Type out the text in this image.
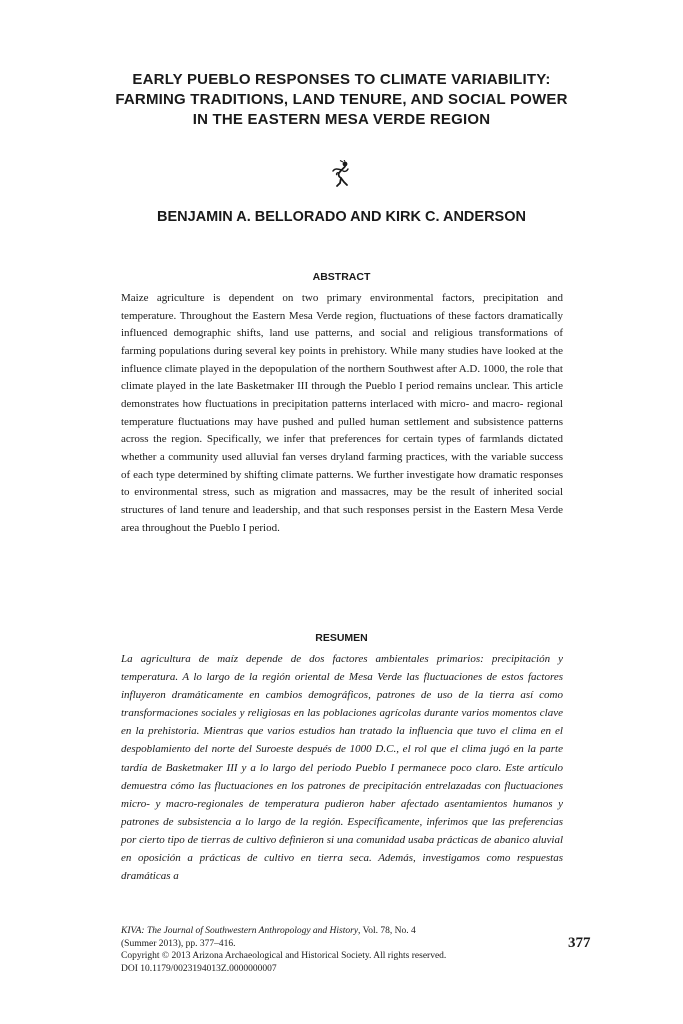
EARLY PUEBLO RESPONSES TO CLIMATE VARIABILITY:
FARMING TRADITIONS, LAND TENURE, AND SOCIAL POWER
IN THE EASTERN MESA VERDE REGION
BENJAMIN A. BELLORADO AND KIRK C. ANDERSON
ABSTRACT

Maize agriculture is dependent on two primary environmental factors, precipitation and temperature. Throughout the Eastern Mesa Verde region, fluctuations of these factors dramatically influenced demographic shifts, land use patterns, and social and religious transformations of farming populations during several key points in prehistory. While many studies have looked at the influence climate played in the depopulation of the northern Southwest after A.D. 1000, the role that climate played in the late Basketmaker III through the Pueblo I period remains unclear. This article demonstrates how fluctuations in precipitation patterns interlaced with micro- and macro- regional temperature fluctuations may have pushed and pulled human settlement and subsistence patterns across the region. Specifically, we infer that preferences for certain types of farmlands dictated whether a community used alluvial fan verses dryland farming practices, with the variable success of each type determined by shifting climate patterns. We further investigate how dramatic responses to environmental stress, such as migration and massacres, may be the result of inherited social structures of land tenure and leadership, and that such responses persist in the Eastern Mesa Verde area throughout the Pueblo I period.

RESUMEN

La agricultura de maíz depende de dos factores ambientales primarios: precipitación y temperatura. A lo largo de la región oriental de Mesa Verde las fluctuaciones de estos factores influyeron dramáticamente en cambios demográficos, patrones de uso de la tierra así como transformaciones sociales y religiosas en las poblaciones agrícolas durante varios momentos clave en la prehistoria. Mientras que varios estudios han tratado la influencia que tuvo el clima en el despoblamiento del norte del Suroeste después de 1000 D.C., el rol que el clima jugó en la parte tardía de Basketmaker III y a lo largo del periodo Pueblo I permanece poco claro. Este artículo demuestra cómo las fluctuaciones en los patrones de precipitación entrelazadas con fluctuaciones micro- y macro-regionales de temperatura pudieron haber afectado asentamientos humanos y patrones de subsistencia a lo largo de la región. Específicamente, inferimos que las preferencias por cierto tipo de tierras de cultivo definieron si una comunidad usaba prácticas de abanico aluvial en oposición a prácticas de cultivo en tierra seca. Además, investigamos como respuestas dramáticas a

KIVA: The Journal of Southwestern Anthropology and History, Vol. 78, No. 4 (Summer 2013), pp. 377–416.
Copyright © 2013 Arizona Archaeological and Historical Society. All rights reserved.
DOI 10.1179/0023194013Z.0000000007
377
